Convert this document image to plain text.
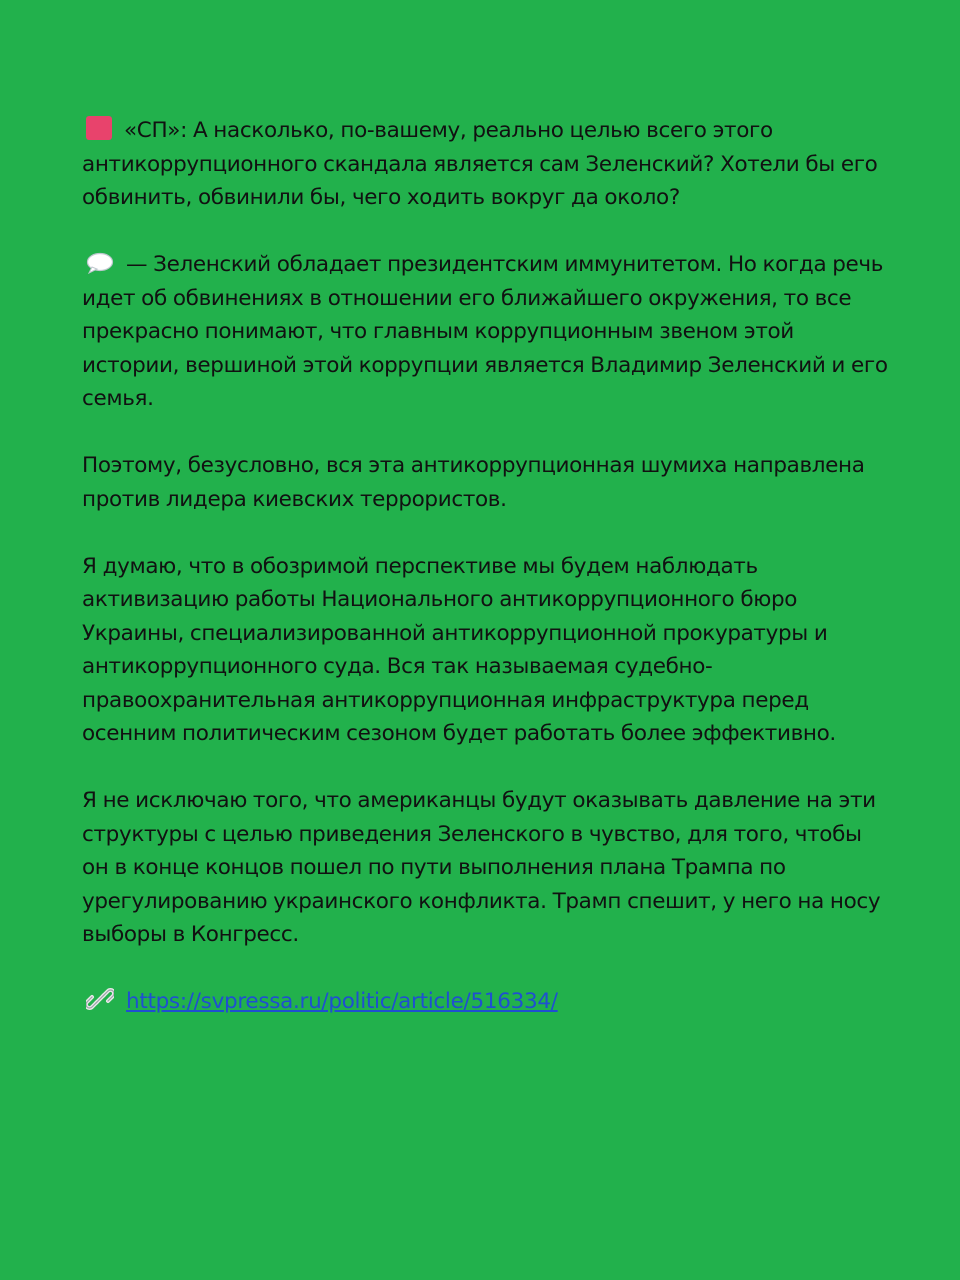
«СП»: А насколько, по-вашему, реально целью всего этого антикоррупционного скандала является сам Зеленский? Хотели бы его обвинить, обвинили бы, чего ходить вокруг да около?

— Зеленский обладает президентским иммунитетом. Но когда речь идет об обвинениях в отношении его ближайшего окружения, то все прекрасно понимают, что главным коррупционным звеном этой истории, вершиной этой коррупции является Владимир Зеленский и его семья.

Поэтому, безусловно, вся эта антикоррупционная шумиха направлена против лидера киевских террористов.

Я думаю, что в обозримой перспективе мы будем наблюдать активизацию работы Национального антикоррупционного бюро Украины, специализированной антикоррупционной прокуратуры и антикоррупционного суда. Вся так называемая судебно-правоохранительная антикоррупционная инфраструктура перед осенним политическим сезоном будет работать более эффективно.

Я не исключаю того, что американцы будут оказывать давление на эти структуры с целью приведения Зеленского в чувство, для того, чтобы он в конце концов пошел по пути выполнения плана Трампа по урегулированию украинского конфликта. Трамп спешит, у него на носу выборы в Конгресс.

https://svpressa.ru/politic/article/516334/
